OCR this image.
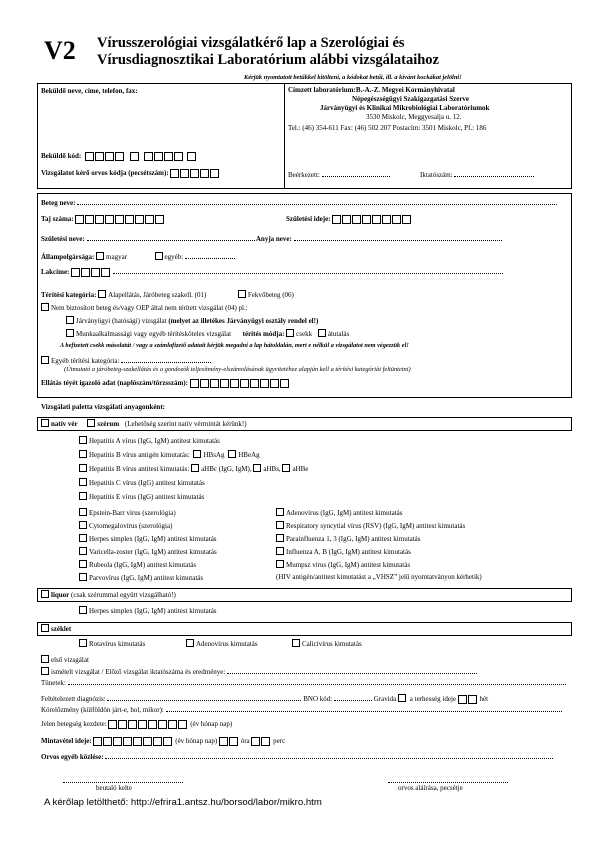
V2 Vírusszerológiai vizsgálatkérő lap a Szerológiai és
Vírusdiagnosztikai Laboratórium alábbi vizsgálataihoz
Kérjük nyomtatott betűkkel kitölteni, a kódokat betűi, ill. a kívánt kockákat jelölni!
Beküldő neve, címe, telefon, fax:
Beküldő kód:
Vizsgálatot kérő orvos kódja (pecsétszám):
Címzett laboratórium:B.-A.-Z. Megyei Kormányhivatal
Népegészségügyi Szakigazgatási Szerve
Járványügyi és Klinikai Mikrobiológiai Laboratóriumok
3530 Miskolc, Meggyesalja u. 12.
Tel.: (46) 354-611 Fax: (46) 502 207 Postacím: 3501 Miskolc, Pf.: 186
Beérkezett:	Iktatószám:
Beteg neve:
Taj száma:	Születési ideje:
Születési neve:	Anyja neve:
Állampolgársága: magyar	egyéb:
Lakcíme:
Térítési kategória: Alapellátás, Járóbeteg szakell. (01)	Fekvőbeteg (06)
Nem biztosított beteg és/vagy OEP által nem térített vizsgálat (04) pl.:
Járványügyi (hatósági) vizsgálat (melyet az illetékes Járványügyi osztály rendel el!)
Munkaalkalmassági vagy egyéb térítésköteles vizsgálat térítés módja: csekk átutalás
A befizetett csekk másolatát / vagy a számlafizető adatait kérjük megadni a lap hátoldalán, mert e nélkül a vizsgálatot nem végezzük el!
Egyéb térítési kategória:
(Útmutató a járóbeteg-szakellátás és a gondozók teljesítmény-elszámolásának ügyvitetéhez alapján kell a térítési kategóriát feltüntetni)
Ellátás téyét igazoló adat (naplószám/törzsszám):
Vizsgálati paletta vizsgálati anyagonként:
natív vér	szérum (Lehetőség szerint natív vérmintát kérünk!)
Hepatitis A vírus (IgG, IgM) antitest kimutatás
Hepatitis B vírus antigén kimutatás: HBsAg HBeAg
Hepatitis B vírus antitest kimutatás: aHBc (IgG, IgM), aHBs, aHBe
Hepatitis C vírus (IgG) antitest kimutatás
Hepatitis E vírus (IgG) antitest kimutatás
Epstein-Barr vírus (szerológia)
Cytomegalovírus (szerológia)
Herpes simplex (IgG, IgM) antitest kimutatás
Varicella-zoster (IgG, IgM) antitest kimutatás
Rubeola (IgG, IgM) antitest kimutatás
Parvovírus (IgG, IgM) antitest kimutatás
Adenovírus (IgG, IgM) antitest kimutatás
Respiratory syncytial vírus (RSV) (IgG, IgM) antitest kimutatás
Parainfluenza 1, 3 (IgG, IgM) antitest kimutatás
Influenza A, B (IgG, IgM) antitest kimutatás
Mumpsz vírus (IgG, IgM) antitest kimutatás
(HIV antigén/antitest kimutatást a „VHSZ” jelű nyomtatványon kérhetik)
liquor (csak szérummal együtt vizsgálható!)
Herpes simplex (IgG, IgM) antitest kimutatás
széklet
Rotavírus kimutatás	Adenovírus kimutatás	Calicivírus kimutatás
első vizsgálat
ismételt vizsgálat / Előző vizsgálat iktatószáma és eredménye:
Tünetek:
Feltételezett diagnózis:	BNO kód:	Gravida a terhesség ideje	hét
Kórelőzmény (külföldön járt-e, hol, mikor):
Jelen betegség kezdete:	(év hónap nap)
Mintavétel ideje:	(év hónap nap)	óra	perc
Orvos egyéb közlése:
beutaló kelte	orvos aláírása, pecsétje
A kérőlap letölthető: http://efrira1.antsz.hu/borsod/labor/mikro.htm
